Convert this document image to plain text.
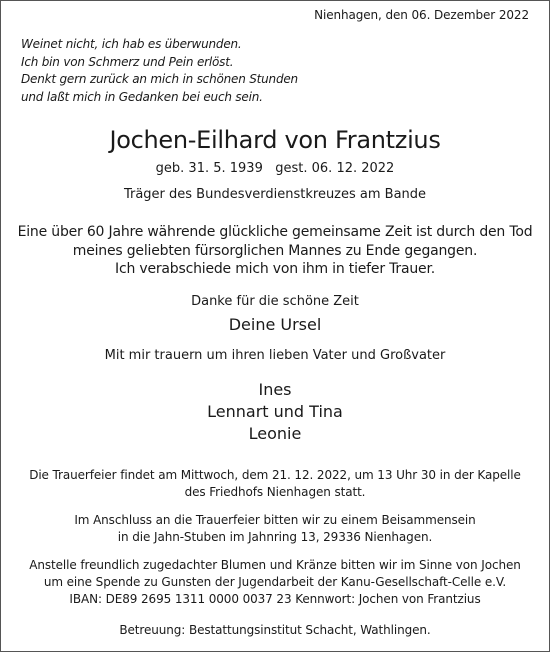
Nienhagen, den 06. Dezember 2022
Weinet nicht, ich hab es überwunden.
Ich bin von Schmerz und Pein erlöst.
Denkt gern zurück an mich in schönen Stunden
und laßt mich in Gedanken bei euch sein.
Jochen-Eilhard von Frantzius
geb. 31. 5. 1939   gest. 06. 12. 2022
Träger des Bundesverdienstkreuzes am Bande
Eine über 60 Jahre währende glückliche gemeinsame Zeit ist durch den Tod
meines geliebten fürsorglichen Mannes zu Ende gegangen.
Ich verabschiede mich von ihm in tiefer Trauer.
Danke für die schöne Zeit
Deine Ursel
Mit mir trauern um ihren lieben Vater und Großvater
Ines
Lennart und Tina
Leonie
Die Trauerfeier findet am Mittwoch, dem 21. 12. 2022, um 13 Uhr 30 in der Kapelle
des Friedhofs Nienhagen statt.
Im Anschluss an die Trauerfeier bitten wir zu einem Beisammensein
in die Jahn-Stuben im Jahnring 13, 29336 Nienhagen.
Anstelle freundlich zugedachter Blumen und Kränze bitten wir im Sinne von Jochen
um eine Spende zu Gunsten der Jugendarbeit der Kanu-Gesellschaft-Celle e.V.
IBAN: DE89 2695 1311 0000 0037 23 Kennwort: Jochen von Frantzius
Betreuung: Bestattungsinstitut Schacht, Wathlingen.
